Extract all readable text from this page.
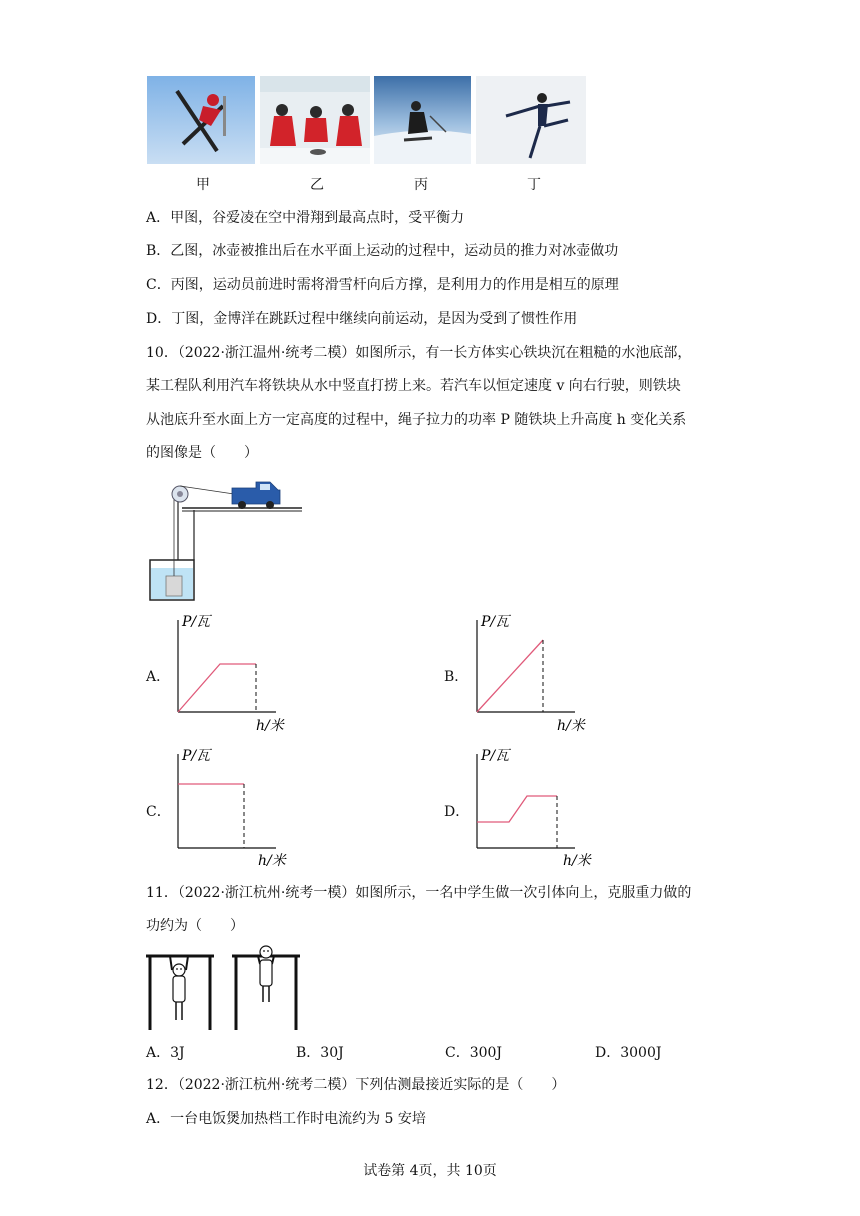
甲	乙	丙	丁
A．甲图，谷爱凌在空中滑翔到最高点时，受平衡力
B．乙图，冰壶被推出后在水平面上运动的过程中，运动员的推力对冰壶做功
C．丙图，运动员前进时需将滑雪杆向后方撑，是利用力的作用是相互的原理
D．丁图，金博洋在跳跃过程中继续向前运动，是因为受到了惯性作用
10．（2022·浙江温州·统考二模）如图所示，有一长方体实心铁块沉在粗糙的水池底部，
某工程队利用汽车将铁块从水中竖直打捞上来。若汽车以恒定速度 v 向右行驶，则铁块
从池底升至水面上方一定高度的过程中，绳子拉力的功率 P 随铁块上升高度 h 变化关系
的图像是（　　）
A．
P/瓦
h/米
B．
P/瓦
h/米
C．
P/瓦
h/米
D．
P/瓦
h/米
11．（2022·浙江杭州·统考一模）如图所示，一名中学生做一次引体向上，克服重力做的
功约为（　　）
A．3J	B．30J	C．300J	D．3000J
12．（2022·浙江杭州·统考二模）下列估测最接近实际的是（　　）
A．一台电饭煲加热档工作时电流约为 5 安培
试卷第 4页，共 10页
